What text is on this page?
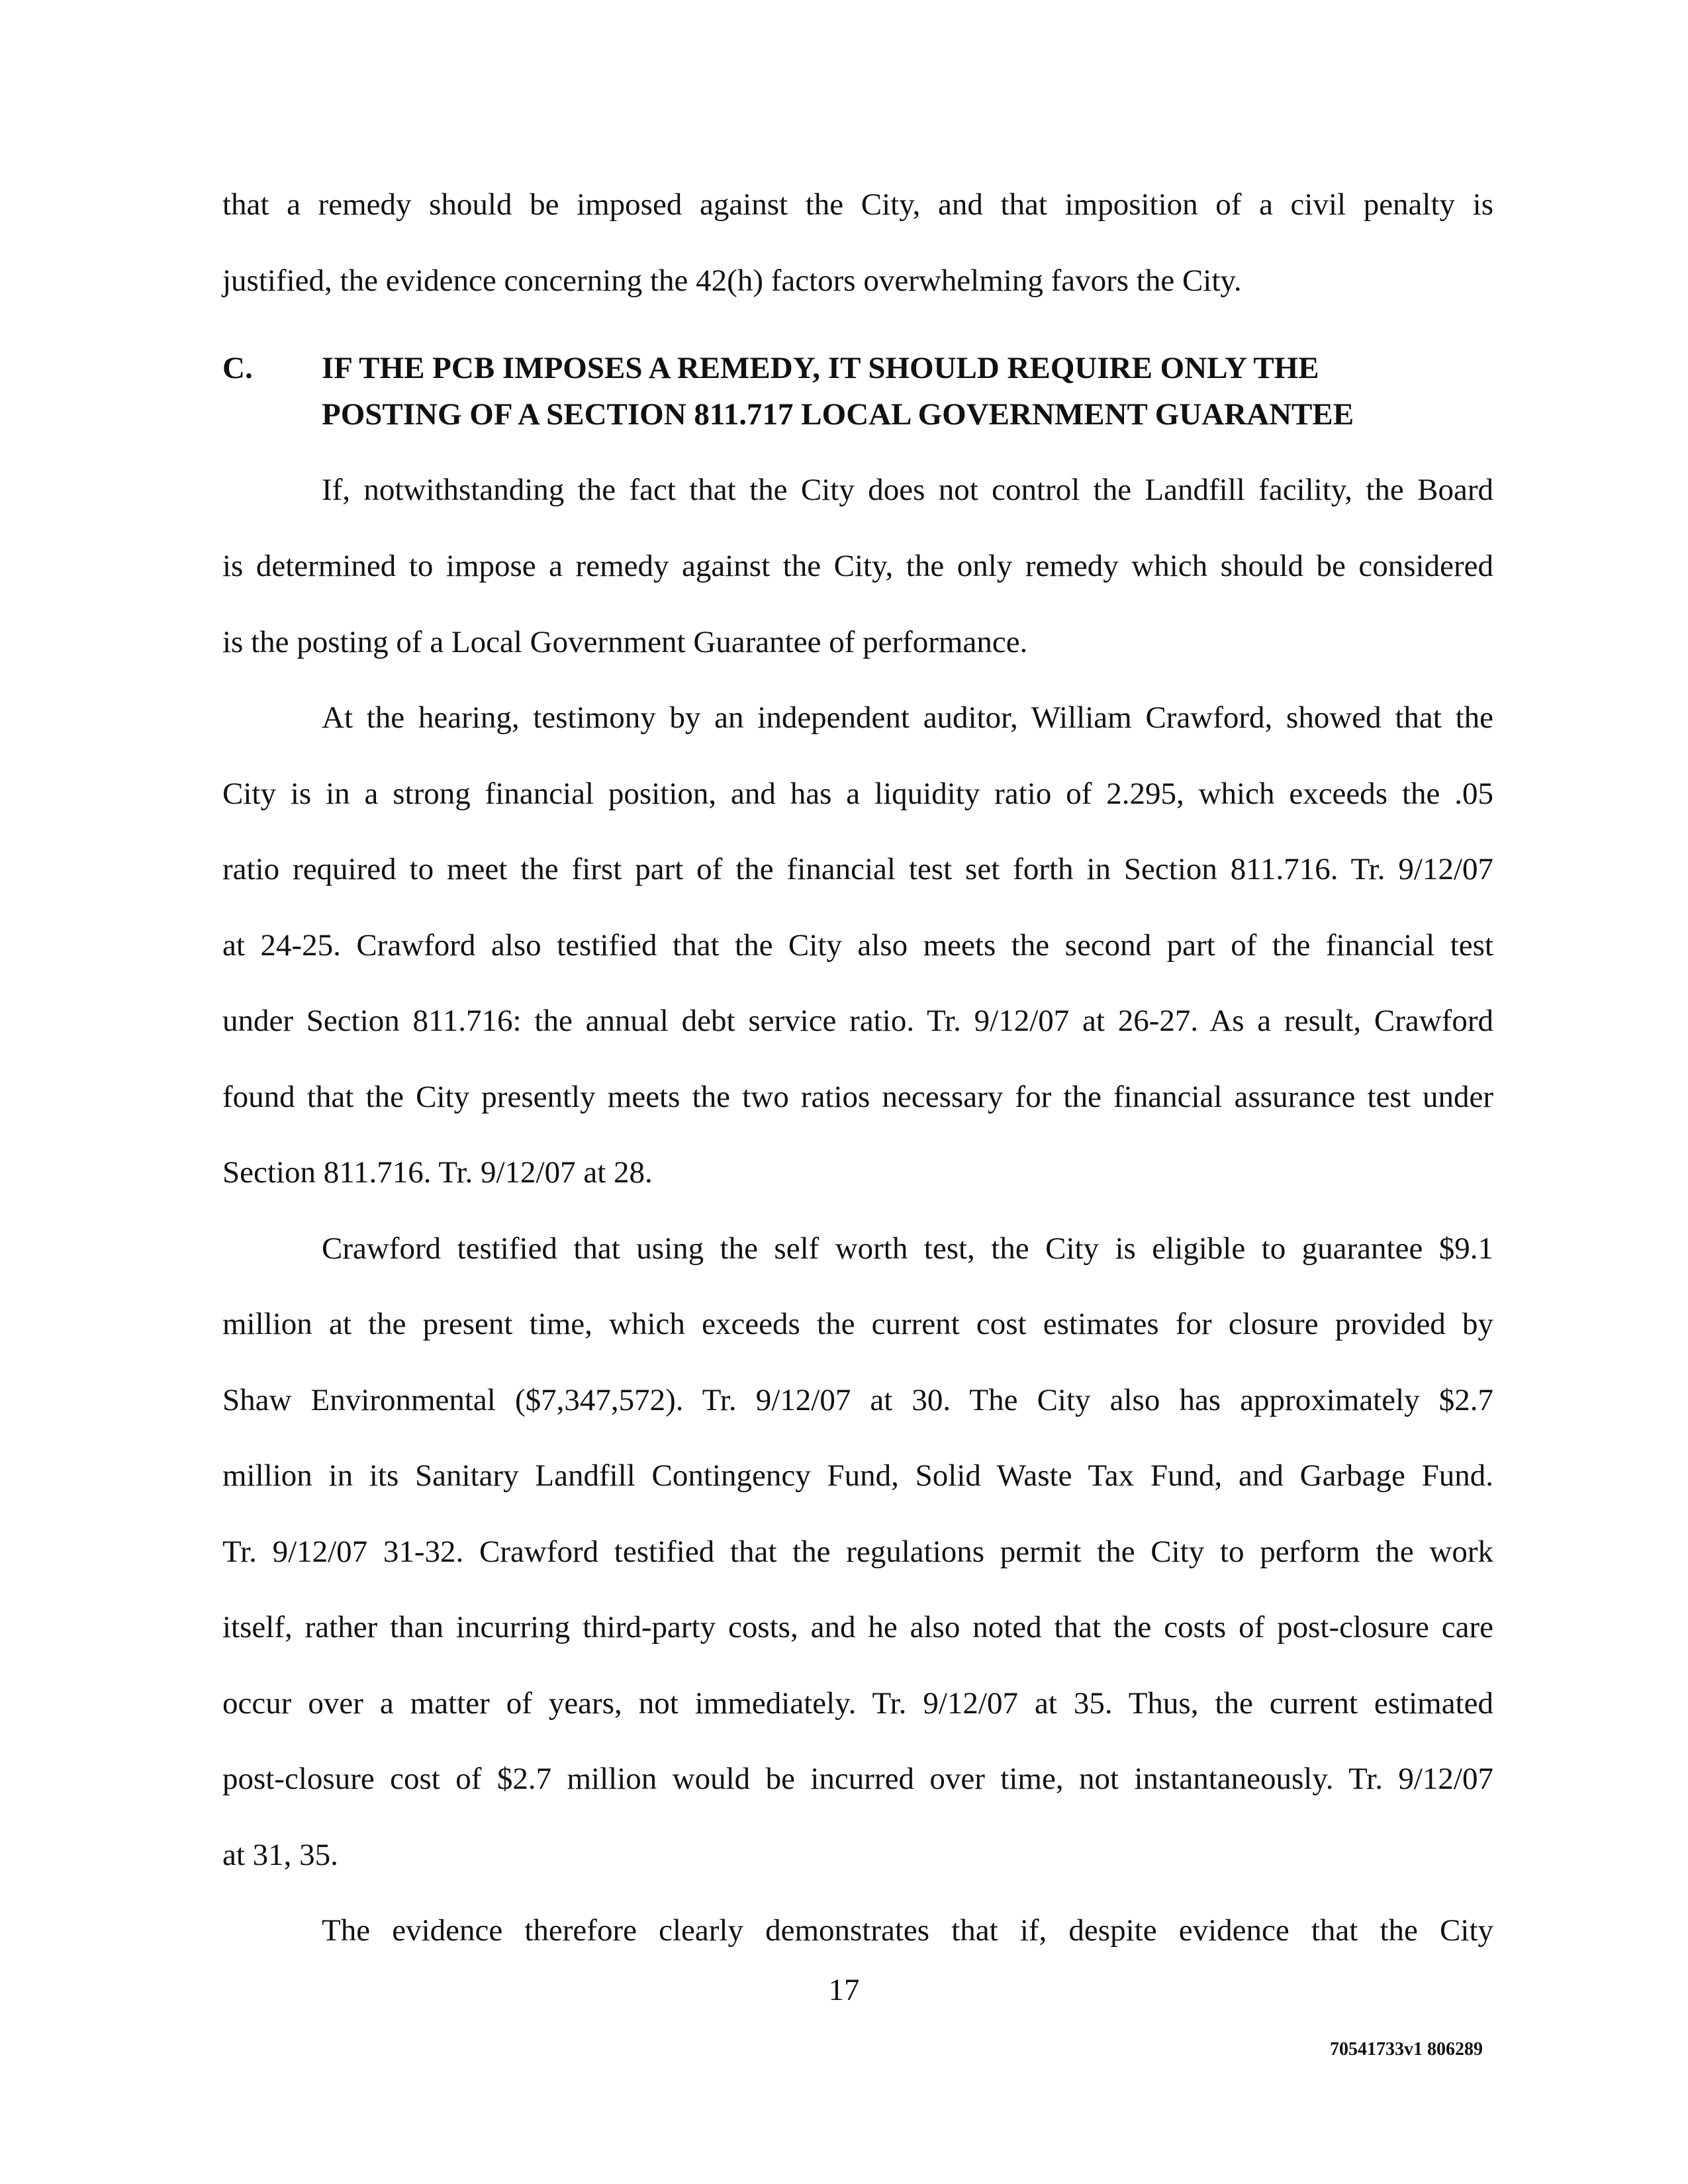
that a remedy should be imposed against the City, and that imposition of a civil penalty is
justified, the evidence concerning the 42(h) factors overwhelming favors the City.
C. IF THE PCB IMPOSES A REMEDY, IT SHOULD REQUIRE ONLY THE
POSTING OF A SECTION 811.717 LOCAL GOVERNMENT GUARANTEE
If, notwithstanding the fact that the City does not control the Landfill facility, the Board
is determined to impose a remedy against the City, the only remedy which should be considered
is the posting of a Local Government Guarantee of performance.
At the hearing, testimony by an independent auditor, William Crawford, showed that the
City is in a strong financial position, and has a liquidity ratio of 2.295, which exceeds the .05
ratio required to meet the first part of the financial test set forth in Section 811.716. Tr. 9/12/07
at 24-25. Crawford also testified that the City also meets the second part of the financial test
under Section 811.716: the annual debt service ratio. Tr. 9/12/07 at 26-27. As a result, Crawford
found that the City presently meets the two ratios necessary for the financial assurance test under
Section 811.716. Tr. 9/12/07 at 28.
Crawford testified that using the self worth test, the City is eligible to guarantee $9.1
million at the present time, which exceeds the current cost estimates for closure provided by
Shaw Environmental ($7,347,572). Tr. 9/12/07 at 30. The City also has approximately $2.7
million in its Sanitary Landfill Contingency Fund, Solid Waste Tax Fund, and Garbage Fund.
Tr. 9/12/07 31-32. Crawford testified that the regulations permit the City to perform the work
itself, rather than incurring third-party costs, and he also noted that the costs of post-closure care
occur over a matter of years, not immediately. Tr. 9/12/07 at 35. Thus, the current estimated
post-closure cost of $2.7 million would be incurred over time, not instantaneously. Tr. 9/12/07
at 31, 35.
The evidence therefore clearly demonstrates that if, despite evidence that the City
17
70541733v1 806289
